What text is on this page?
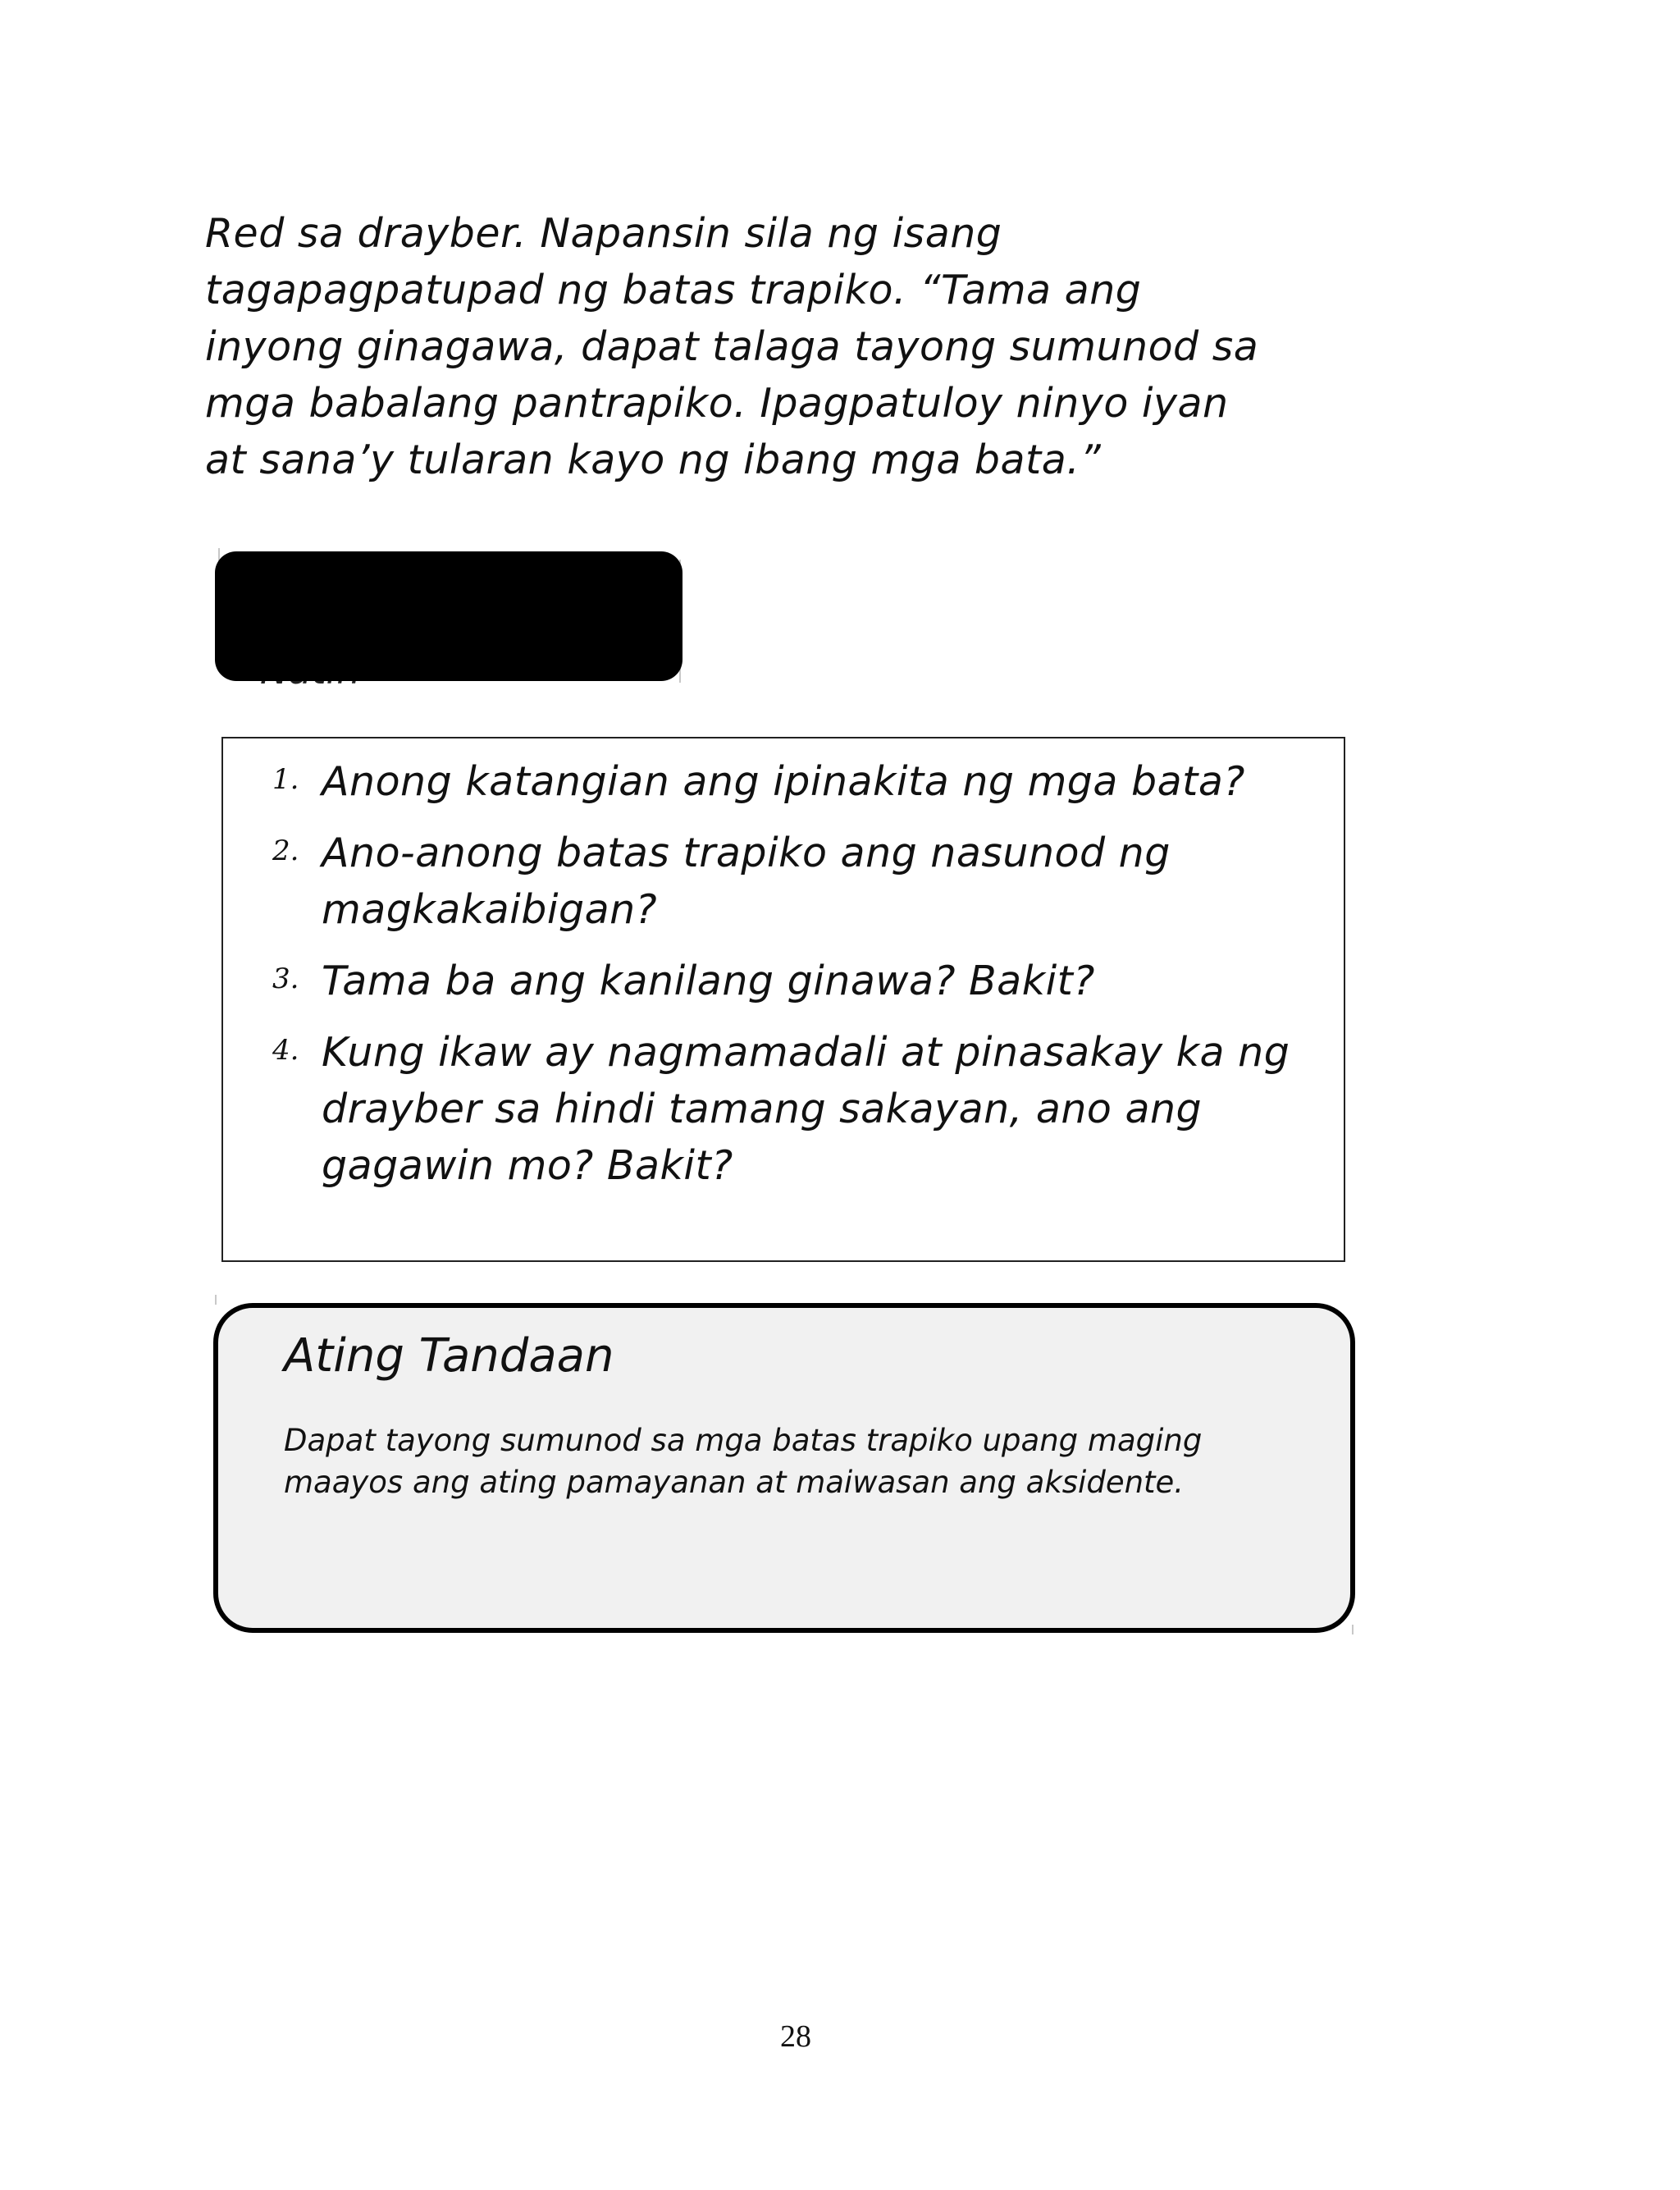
Red sa drayber. Napansin sila ng isang

tagapagpatupad ng batas trapiko. “Tama ang

inyong ginagawa, dapat talaga tayong sumunod sa

mga babalang pantrapiko. Ipagpatuloy ninyo iyan

at sana’y tularan kayo ng ibang mga bata.”

1. Anong katangian ang ipinakita ng mga bata?
2. Ano-anong batas trapiko ang nasunod ng magkakaibigan?
3. Tama ba ang kanilang ginawa? Bakit?
4. Kung ikaw ay nagmamadali at pinasakay ka ng drayber sa hindi tamang sakayan, ano ang gagawin mo? Bakit?
Ating Tandaan
Dapat tayong sumunod sa mga batas trapiko upang maging maayos ang ating pamayanan at maiwasan ang aksidente.
28
